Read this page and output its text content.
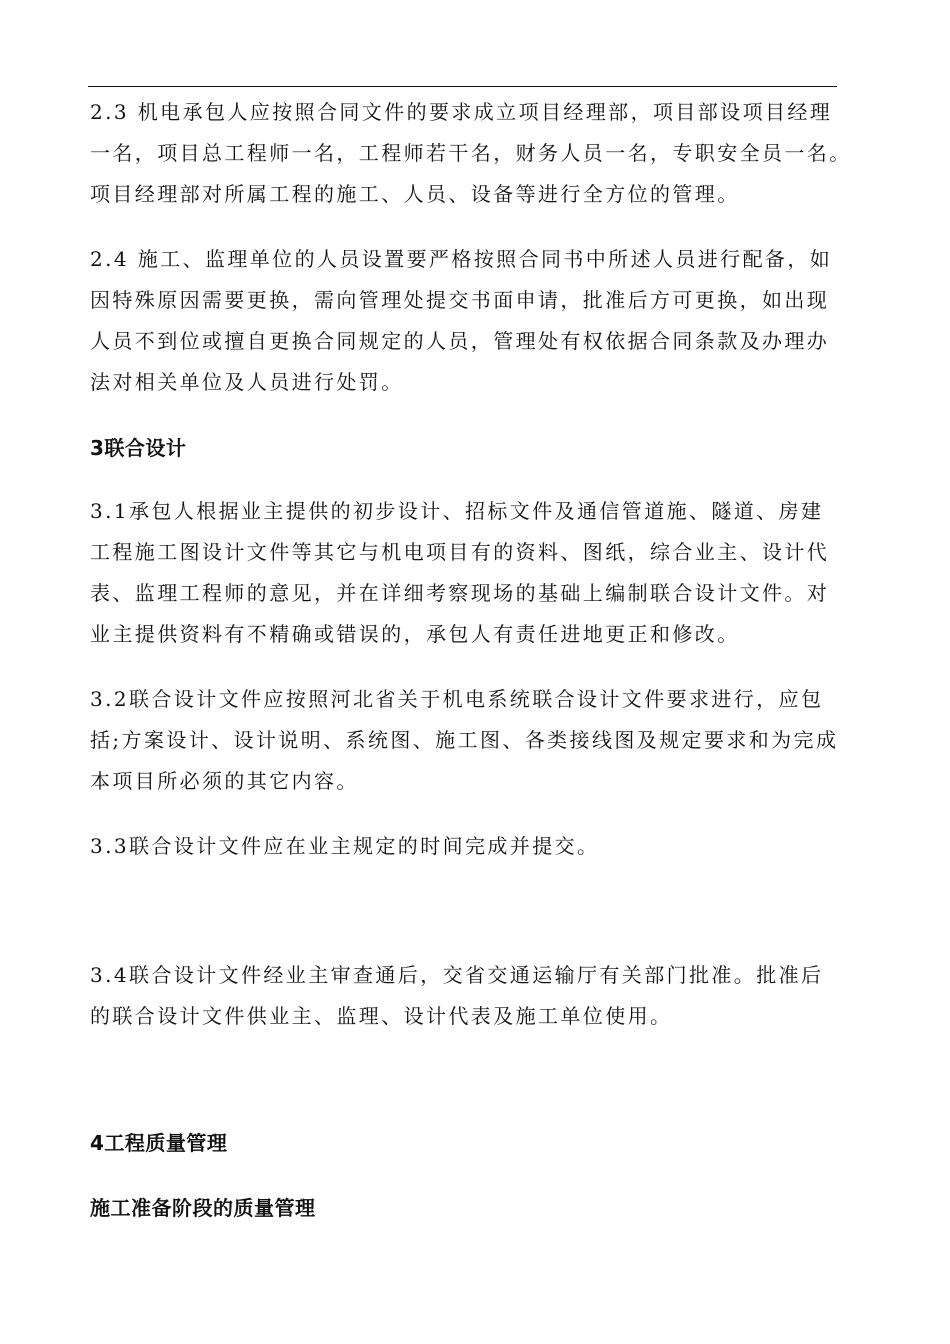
2.3 机电承包人应按照合同文件的要求成立项目经理部，项目部设项目经理
一名，项目总工程师一名，工程师若干名，财务人员一名，专职安全员一名。
项目经理部对所属工程的施工、人员、设备等进行全方位的管理。

2.4 施工、监理单位的人员设置要严格按照合同书中所述人员进行配备，如
因特殊原因需要更换，需向管理处提交书面申请，批准后方可更换，如出现
人员不到位或擅自更换合同规定的人员，管理处有权依据合同条款及办理办
法对相关单位及人员进行处罚。

3联合设计

3.1承包人根据业主提供的初步设计、招标文件及通信管道施、隧道、房建
工程施工图设计文件等其它与机电项目有的资料、图纸，综合业主、设计代
表、监理工程师的意见，并在详细考察现场的基础上编制联合设计文件。对
业主提供资料有不精确或错误的，承包人有责任进地更正和修改。

3.2联合设计文件应按照河北省关于机电系统联合设计文件要求进行，应包
括;方案设计、设计说明、系统图、施工图、各类接线图及规定要求和为完成
本项目所必须的其它内容。

3.3联合设计文件应在业主规定的时间完成并提交。

3.4联合设计文件经业主审查通后，交省交通运输厅有关部门批准。批准后
的联合设计文件供业主、监理、设计代表及施工单位使用。

4工程质量管理
施工准备阶段的质量管理
